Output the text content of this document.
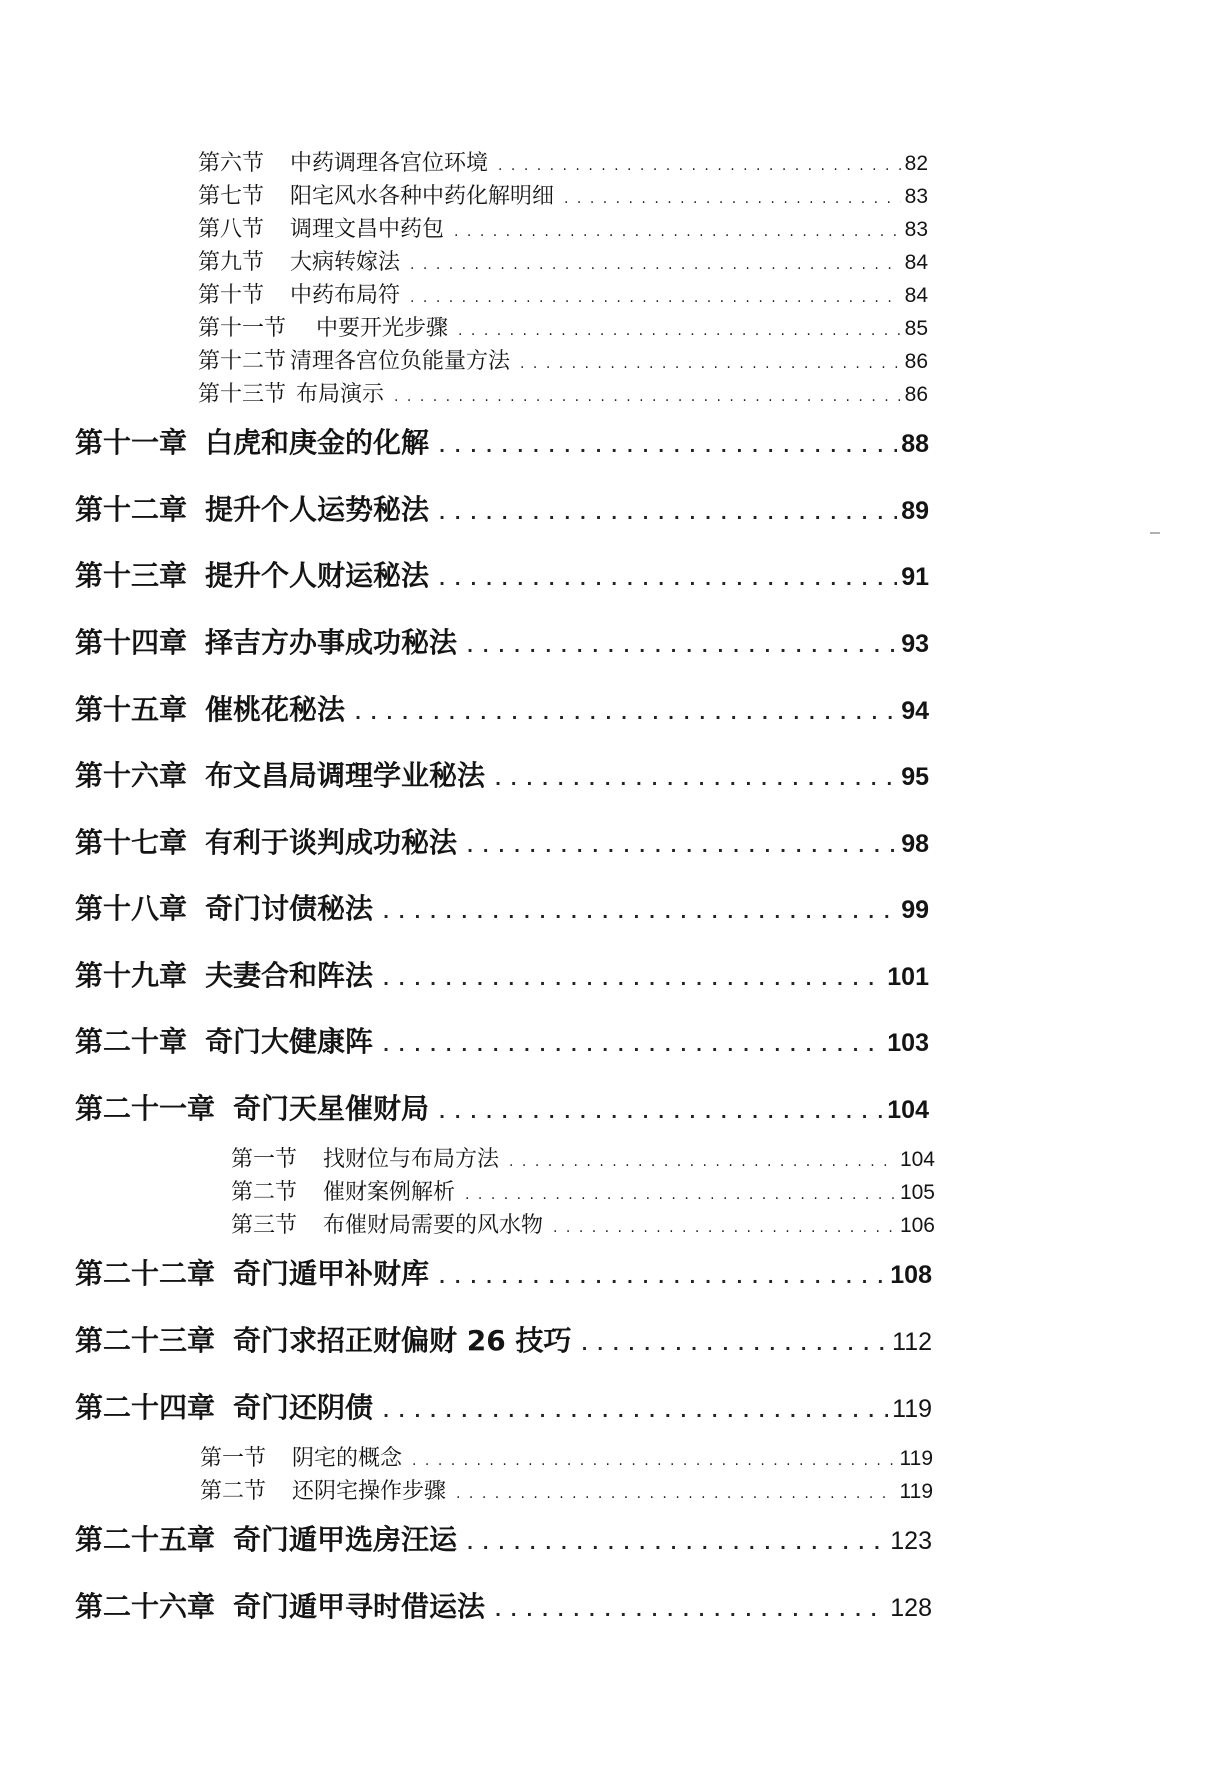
第六节	中药调理各宫位环境 . . .	82
第七节	阳宅风水各种中药化解明细 . . .	83
第八节	调理文昌中药包 . . .	83
第九节	大病转嫁法 . . .	84
第十节	中药布局符 . . .	84
第十一节	中要开光步骤 . . .	85
第十二节 清理各宫位负能量方法 . . .	86
第十三节 布局演示 . . .	86
第十一章 白虎和庚金的化解 . . .	88
第十二章 提升个人运势秘法 . . .	89
第十三章 提升个人财运秘法 . . .	91
第十四章 择吉方办事成功秘法 . . .	93
第十五章 催桃花秘法 . . .	94
第十六章 布文昌局调理学业秘法 . . .	95
第十七章 有利于谈判成功秘法 . . .	98
第十八章 奇门讨债秘法 . . .	99
第十九章 夫妻合和阵法 . . .	101
第二十章 奇门大健康阵 . . .	103
第二十一章 奇门天星催财局 . . .	104
第一节	找财位与布局方法 . . .	104
第二节	催财案例解析 . . .	105
第三节	布催财局需要的风水物 . . .	106
第二十二章 奇门遁甲补财库 . . .	108
第二十三章 奇门求招正财偏财 26 技巧 . . .	112
第二十四章 奇门还阴债 . . .	119
第一节	阴宅的概念 . . .	119
第二节	还阴宅操作步骤 . . .	119
第二十五章 奇门遁甲选房汪运 . . .	123
第二十六章 奇门遁甲寻时借运法 . . .	128
